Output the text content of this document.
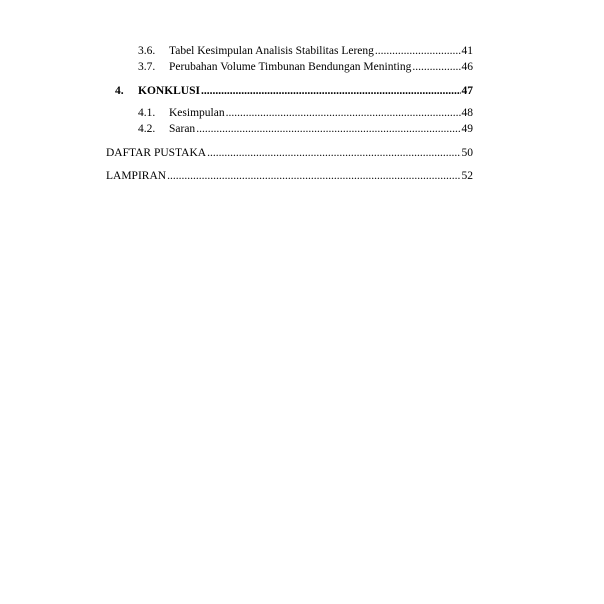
3.6.	Tabel Kesimpulan Analisis Stabilitas Lereng .....	41
3.7.	Perubahan Volume Timbunan Bendungan Meninting .....	46
4.	KONKLUSI .....	47
4.1.	Kesimpulan .....	48
4.2.	Saran .....	49
DAFTAR PUSTAKA .....	50
LAMPIRAN .....	52
